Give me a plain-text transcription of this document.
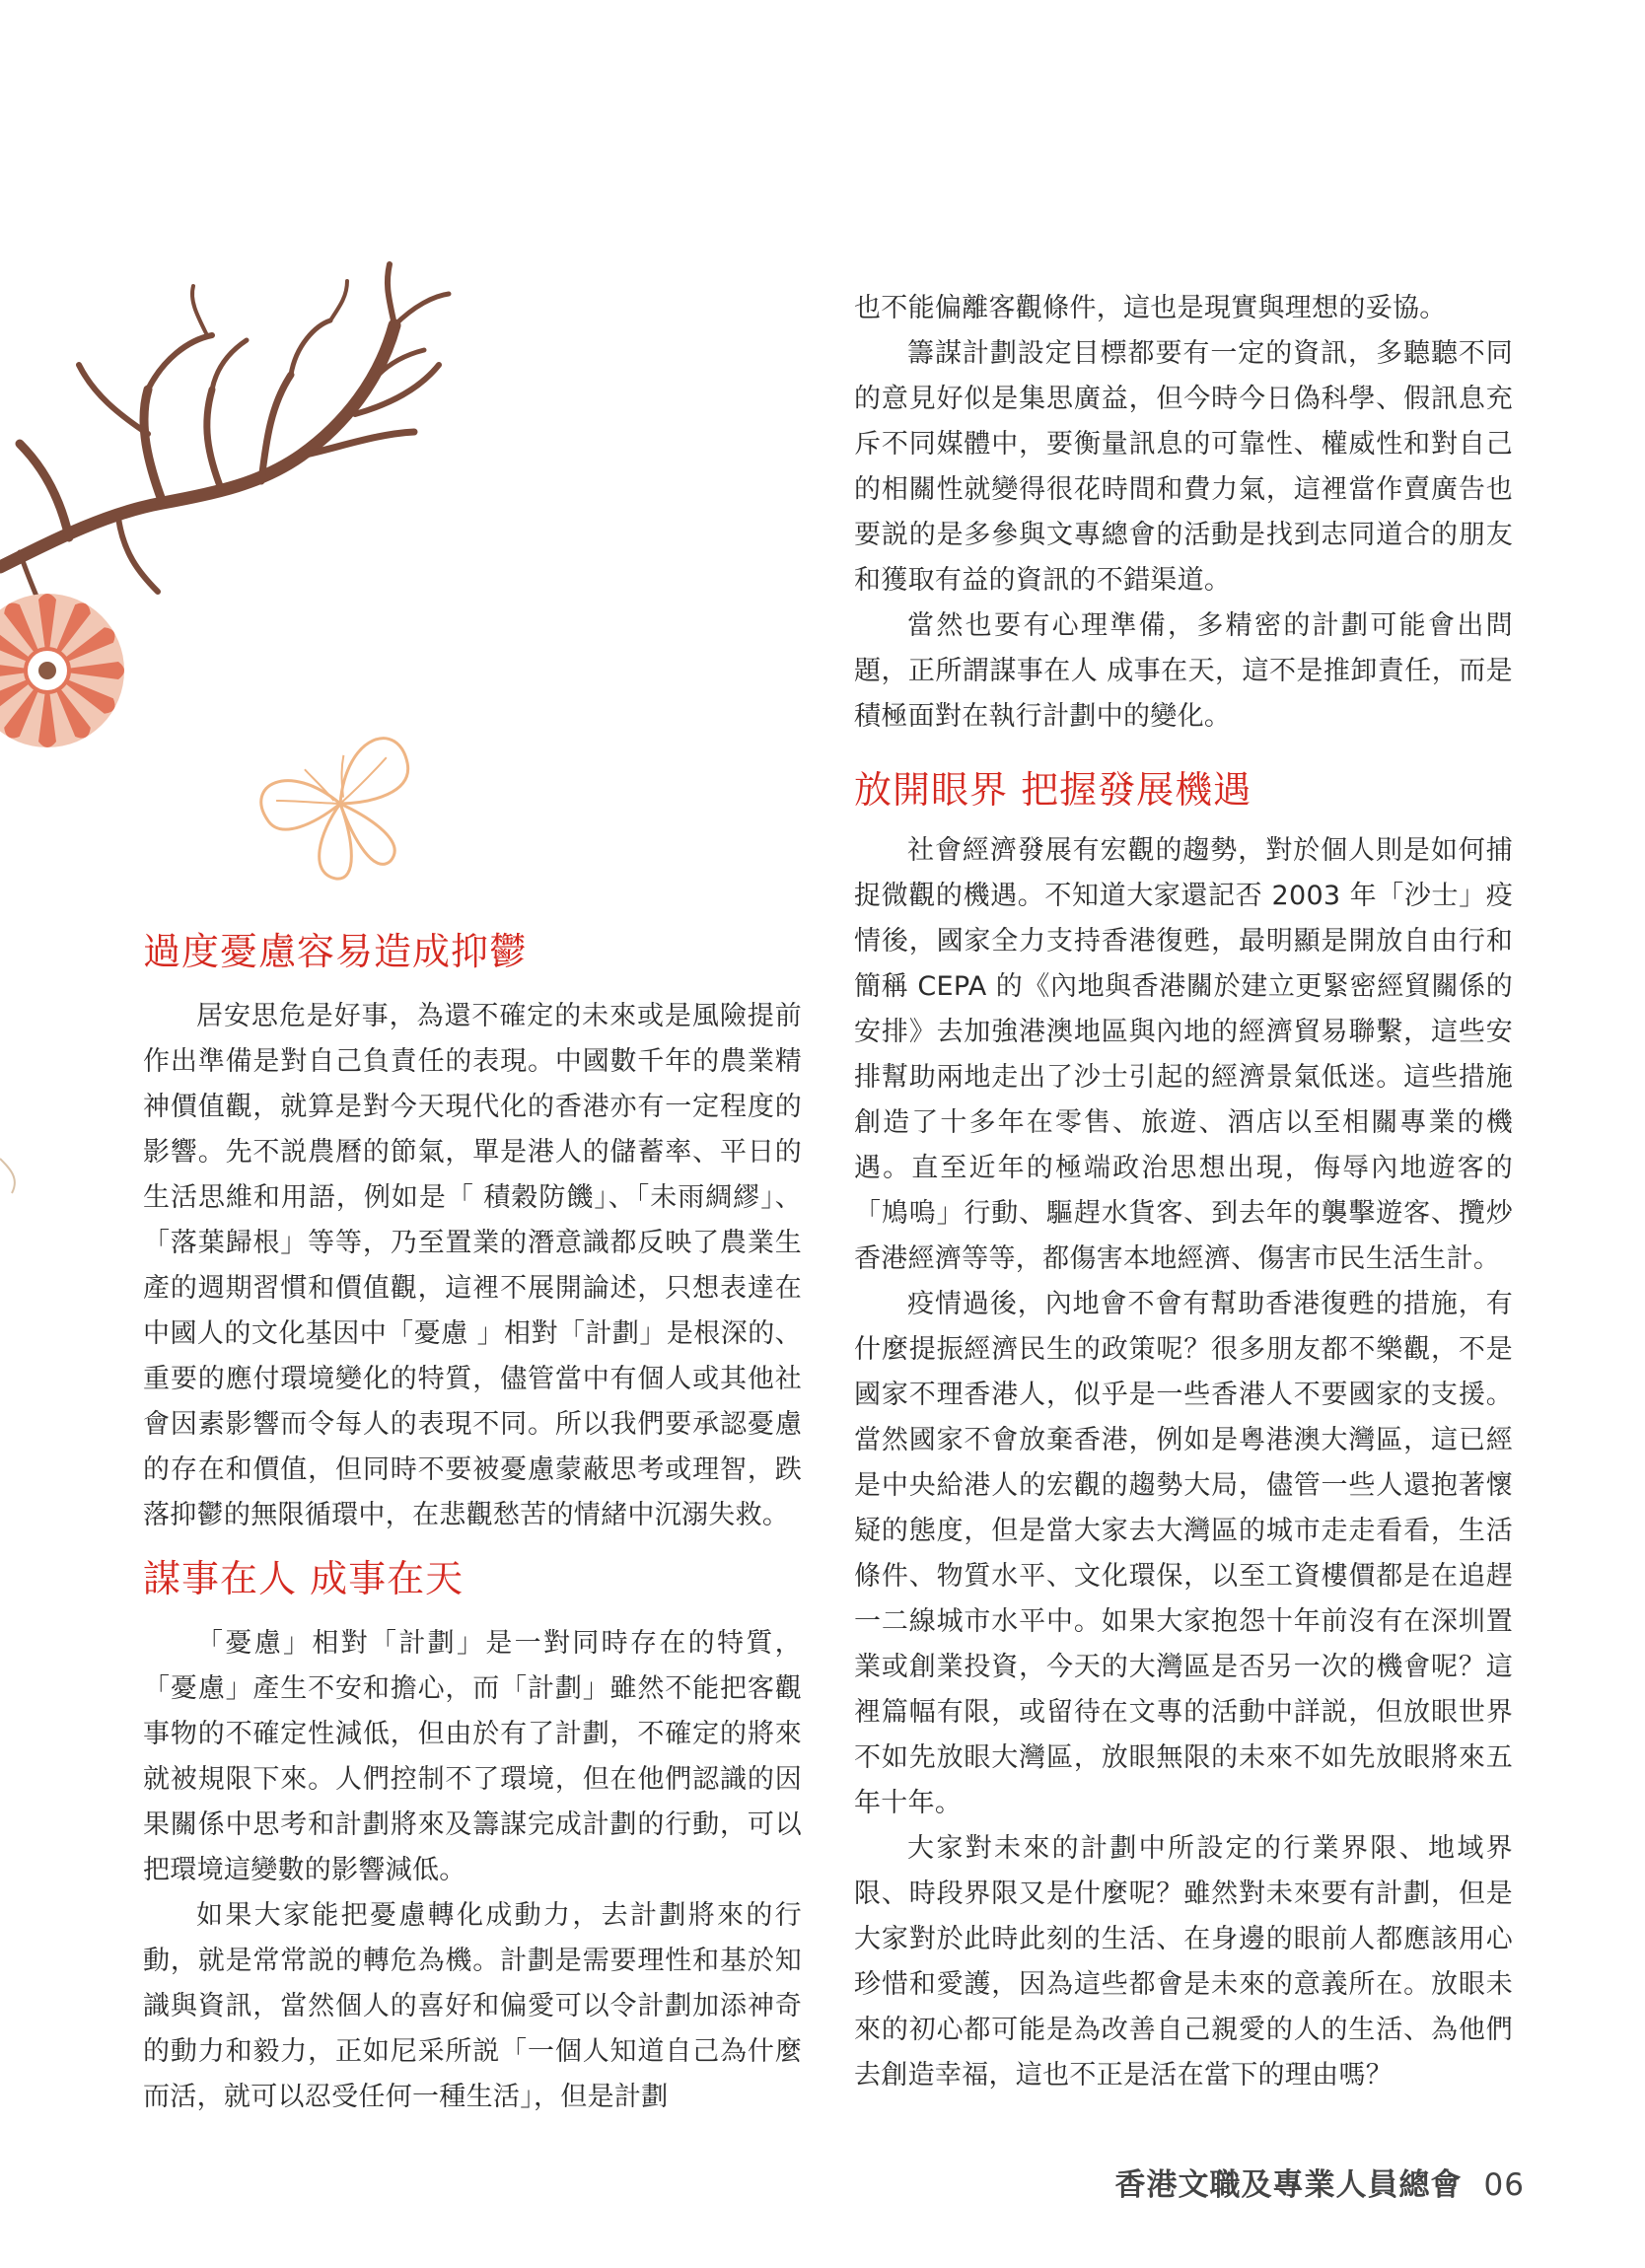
也不能偏離客觀條件，這也是現實與理想的妥協。

籌謀計劃設定目標都要有一定的資訊，多聽聽不同的意見好似是集思廣益，但今時今日偽科學、假訊息充斥不同媒體中，要衡量訊息的可靠性、權威性和對自己的相關性就變得很花時間和費力氣，這裡當作賣廣告也要説的是多參與文專總會的活動是找到志同道合的朋友和獲取有益的資訊的不錯渠道。

當然也要有心理準備，多精密的計劃可能會出問題，正所謂謀事在人 成事在天，這不是推卸責任，而是積極面對在執行計劃中的變化。

放開眼界 把握發展機遇

社會經濟發展有宏觀的趨勢，對於個人則是如何捕捉微觀的機遇。不知道大家還記否 2003 年「沙士」疫情後，國家全力支持香港復甦，最明顯是開放自由行和簡稱 CEPA 的《內地與香港關於建立更緊密經貿關係的安排》去加強港澳地區與內地的經濟貿易聯繫，這些安排幫助兩地走出了沙士引起的經濟景氣低迷。這些措施創造了十多年在零售、旅遊、酒店以至相關專業的機遇。直至近年的極端政治思想出現，侮辱內地遊客的「鳩嗚」行動、驅趕水貨客、到去年的襲擊遊客、攬炒香港經濟等等，都傷害本地經濟、傷害市民生活生計。

疫情過後，內地會不會有幫助香港復甦的措施，有什麼提振經濟民生的政策呢？很多朋友都不樂觀，不是國家不理香港人，似乎是一些香港人不要國家的支援。當然國家不會放棄香港，例如是粵港澳大灣區，這已經是中央給港人的宏觀的趨勢大局，儘管一些人還抱著懷疑的態度，但是當大家去大灣區的城市走走看看，生活條件、物質水平、文化環保，以至工資樓價都是在追趕一二線城市水平中。如果大家抱怨十年前沒有在深圳置業或創業投資，今天的大灣區是否另一次的機會呢？這裡篇幅有限，或留待在文專的活動中詳説，但放眼世界不如先放眼大灣區，放眼無限的未來不如先放眼將來五年十年。

大家對未來的計劃中所設定的行業界限、地域界限、時段界限又是什麼呢？雖然對未來要有計劃，但是大家對於此時此刻的生活、在身邊的眼前人都應該用心珍惜和愛護，因為這些都會是未來的意義所在。放眼未來的初心都可能是為改善自己親愛的人的生活、為他們去創造幸福，這也不正是活在當下的理由嗎？

過度憂慮容易造成抑鬱

居安思危是好事，為還不確定的未來或是風險提前作出準備是對自己負責任的表現。中國數千年的農業精神價值觀，就算是對今天現代化的香港亦有一定程度的影響。先不説農曆的節氣，單是港人的儲蓄率、平日的生活思維和用語，例如是「 積穀防饑」、「未雨綢繆」、「落葉歸根」等等，乃至置業的潛意識都反映了農業生產的週期習慣和價值觀，這裡不展開論述，只想表達在中國人的文化基因中「憂慮 」相對「計劃」是根深的、重要的應付環境變化的特質，儘管當中有個人或其他社會因素影響而令每人的表現不同。所以我們要承認憂慮的存在和價值，但同時不要被憂慮蒙蔽思考或理智，跌落抑鬱的無限循環中，在悲觀愁苦的情緒中沉溺失救。

謀事在人 成事在天

「憂慮」相對「計劃」是一對同時存在的特質，「憂慮」產生不安和擔心，而「計劃」雖然不能把客觀事物的不確定性減低，但由於有了計劃，不確定的將來就被規限下來。人們控制不了環境，但在他們認識的因果關係中思考和計劃將來及籌謀完成計劃的行動，可以把環境這變數的影響減低。

如果大家能把憂慮轉化成動力，去計劃將來的行動，就是常常説的轉危為機。計劃是需要理性和基於知識與資訊，當然個人的喜好和偏愛可以令計劃加添神奇的動力和毅力，正如尼采所説「一個人知道自己為什麼而活，就可以忍受任何一種生活」，但是計劃

香港文職及專業人員總會 06
